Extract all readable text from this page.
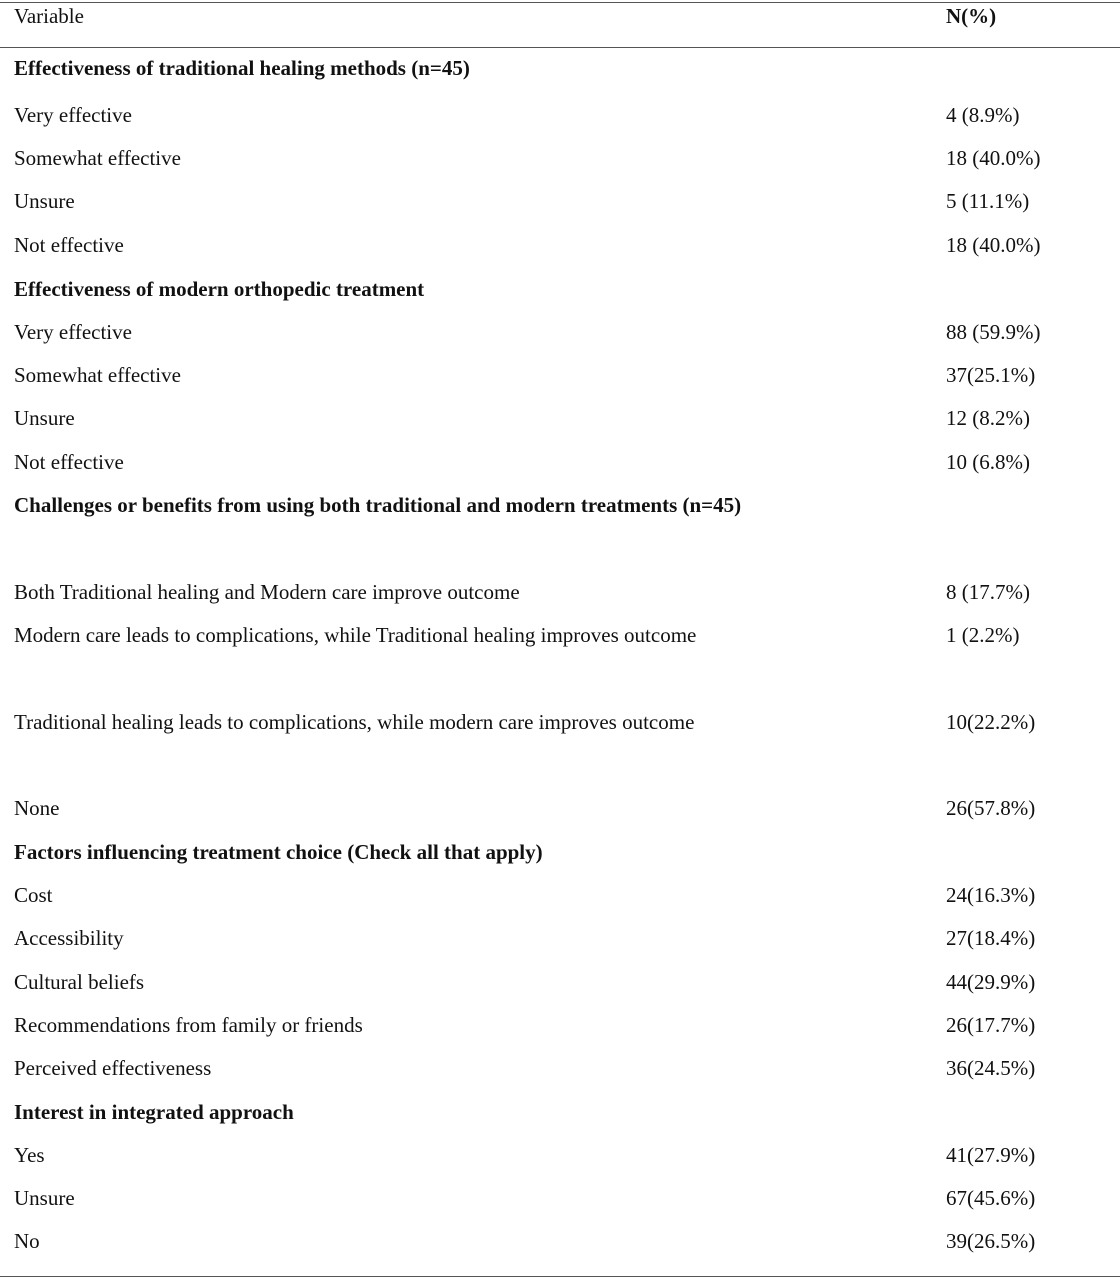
Variable	N(%)
Effectiveness of traditional healing methods (n=45)
Very effective	4 (8.9%)
Somewhat effective	18 (40.0%)
Unsure	5 (11.1%)
Not effective	18 (40.0%)
Effectiveness of modern orthopedic treatment
Very effective	88 (59.9%)
Somewhat effective	37(25.1%)
Unsure	12 (8.2%)
Not effective	10 (6.8%)
Challenges or benefits from using both traditional and modern treatments (n=45)
Both Traditional healing and Modern care improve outcome	8 (17.7%)
Modern care leads to complications, while Traditional healing improves outcome	1 (2.2%)
Traditional healing leads to complications, while modern care improves outcome	10(22.2%)
None	26(57.8%)
Factors influencing treatment choice (Check all that apply)
Cost	24(16.3%)
Accessibility	27(18.4%)
Cultural beliefs	44(29.9%)
Recommendations from family or friends	26(17.7%)
Perceived effectiveness	36(24.5%)
Interest in integrated approach
Yes	41(27.9%)
Unsure	67(45.6%)
No	39(26.5%)
